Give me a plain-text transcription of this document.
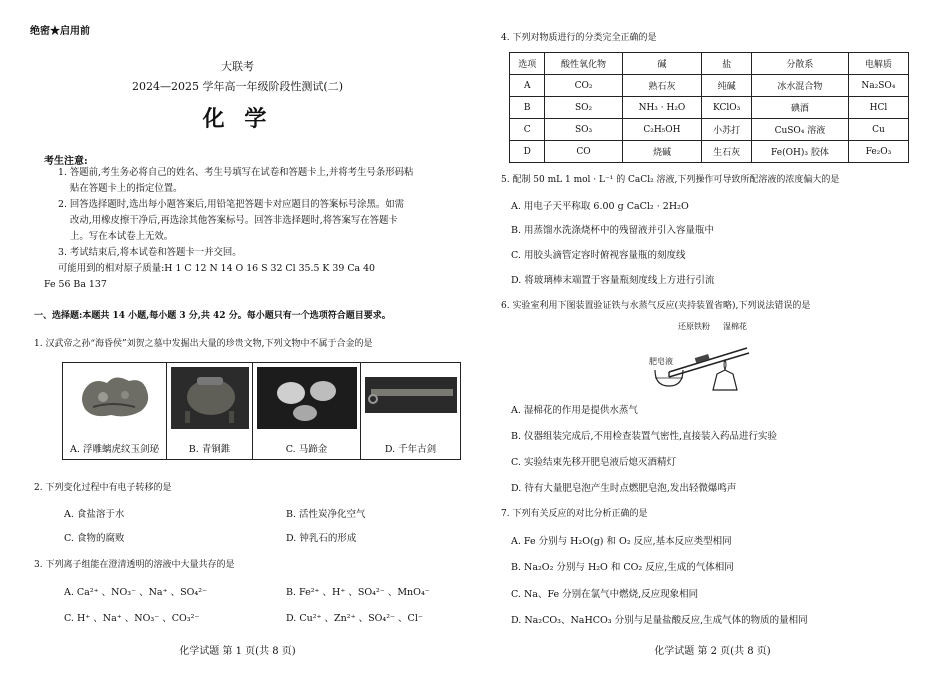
绝密★启用前
大联考
2024—2025 学年高一年级阶段性测试(二)
化 学
考生注意:
1. 答题前,考生务必将自己的姓名、考生号填写在试卷和答题卡上,并将考生号条形码粘
贴在答题卡上的指定位置。
2. 回答选择题时,选出每小题答案后,用铅笔把答题卡对应题目的答案标号涂黑。如需
改动,用橡皮擦干净后,再选涂其他答案标号。回答非选择题时,将答案写在答题卡
上。写在本试卷上无效。
3. 考试结束后,将本试卷和答题卡一并交回。
可能用到的相对原子质量:H 1 C 12 N 14 O 16 S 32 Cl 35.5 K 39 Ca 40
Fe 56 Ba 137
一、选择题:本题共 14 小题,每小题 3 分,共 42 分。每小题只有一个选项符合题目要求。
1. 汉武帝之孙“海昏侯”刘贺之墓中发掘出大量的珍贵文物,下列文物中不属于合金的是
A. 浮雕螭虎纹玉剑珌	B. 青铜錐	C. 马蹄金	D. 千年古剑
2. 下列变化过程中有电子转移的是
A. 食盐溶于水	B. 活性炭净化空气
C. 食物的腐败	D. 钟乳石的形成
3. 下列离子组能在澄清透明的溶液中大量共存的是
A. Ca²⁺ 、NO₃⁻ 、Na⁺ 、SO₄²⁻	B. Fe²⁺ 、H⁺ 、SO₄²⁻ 、MnO₄⁻
C. H⁺ 、Na⁺ 、NO₃⁻ 、CO₃²⁻	D. Cu²⁺ 、Zn²⁺ 、SO₄²⁻ 、Cl⁻
化学试题 第 1 页(共 8 页)
4. 下列对物质进行的分类完全正确的是
选项	酸性氧化物	碱	盐	分散系	电解质
A	CO₂	熟石灰	纯碱	冰水混合物	Na₂SO₄
B	SO₂	NH₃ · H₂O	KClO₃	碘酒	HCl
C	SO₃	C₂H₅OH	小苏打	CuSO₄ 溶液	Cu
D	CO	烧碱	生石灰	Fe(OH)₃ 胶体	Fe₂O₃
5. 配制 50 mL 1 mol · L⁻¹ 的 CaCl₂ 溶液,下列操作可导致所配溶液的浓度偏大的是
A. 用电子天平称取 6.00 g CaCl₂ · 2H₂O
B. 用蒸馏水洗涤烧杯中的残留液并引入容量瓶中
C. 用胶头滴管定容时俯视容量瓶的刻度线
D. 将玻璃棒末端置于容量瓶刻度线上方进行引流
6. 实验室利用下图装置验证铁与水蒸气反应(夹持装置省略),下列说法错误的是
还原铁粉 湿棉花
肥皂液
A. 湿棉花的作用是提供水蒸气
B. 仪器组装完成后,不用检查装置气密性,直接装入药品进行实验
C. 实验结束先移开肥皂液后熄灭酒精灯
D. 待有大量肥皂泡产生时点燃肥皂泡,发出轻微爆鸣声
7. 下列有关反应的对比分析正确的是
A. Fe 分别与 H₂O(g) 和 O₂ 反应,基本反应类型相同
B. Na₂O₂ 分别与 H₂O 和 CO₂ 反应,生成的气体相同
C. Na、Fe 分别在氯气中燃烧,反应现象相同
D. Na₂CO₃、NaHCO₃ 分别与足量盐酸反应,生成气体的物质的量相同
化学试题 第 2 页(共 8 页)
